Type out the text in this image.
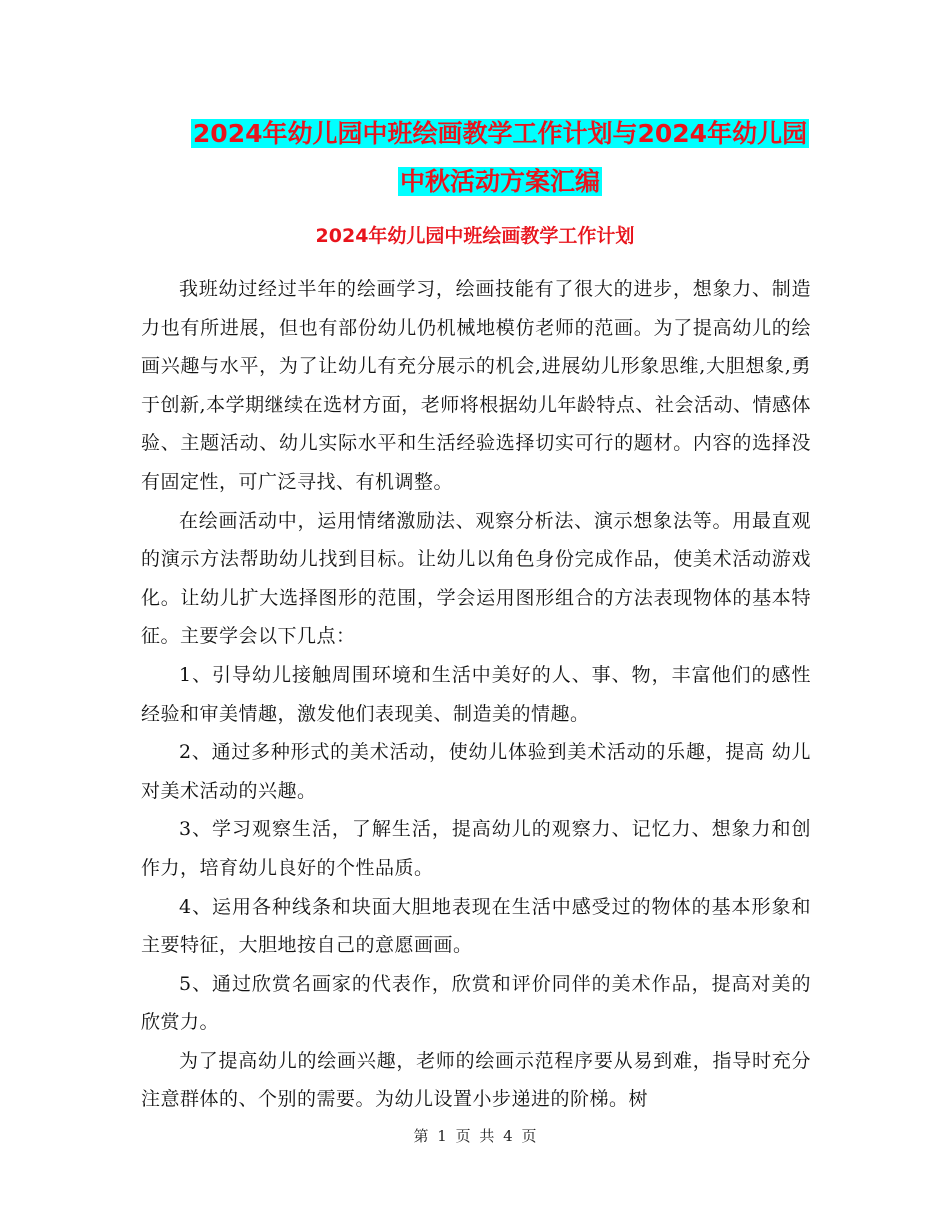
2024年幼儿园中班绘画教学工作计划与2024年幼儿园
中秋活动方案汇编
2024年幼儿园中班绘画教学工作计划

我班幼过经过半年的绘画学习，绘画技能有了很大的进步，想象力、制造力也有所进展，但也有部份幼儿仍机械地模仿老师的范画。为了提高幼儿的绘画兴趣与水平，为了让幼儿有充分展示的机会,进展幼儿形象思维,大胆想象,勇于创新,本学期继续在选材方面，老师将根据幼儿年龄特点、社会活动、情感体验、主题活动、幼儿实际水平和生活经验选择切实可行的题材。内容的选择没有固定性，可广泛寻找、有机调整。

在绘画活动中，运用情绪激励法、观察分析法、演示想象法等。用最直观的演示方法帮助幼儿找到目标。让幼儿以角色身份完成作品，使美术活动游戏化。让幼儿扩大选择图形的范围，学会运用图形组合的方法表现物体的基本特征。主要学会以下几点：

1、引导幼儿接触周围环境和生活中美好的人、事、物，丰富他们的感性经验和审美情趣，激发他们表现美、制造美的情趣。

2、通过多种形式的美术活动，使幼儿体验到美术活动的乐趣，提高 幼儿对美术活动的兴趣。

3、学习观察生活，了解生活，提高幼儿的观察力、记忆力、想象力和创作力，培育幼儿良好的个性品质。

4、运用各种线条和块面大胆地表现在生活中感受过的物体的基本形象和主要特征，大胆地按自己的意愿画画。

5、通过欣赏名画家的代表作，欣赏和评价同伴的美术作品，提高对美的欣赏力。

为了提高幼儿的绘画兴趣，老师的绘画示范程序要从易到难，指导时充分注意群体的、个别的需要。为幼儿设置小步递进的阶梯。树

第 1 页 共 4 页
